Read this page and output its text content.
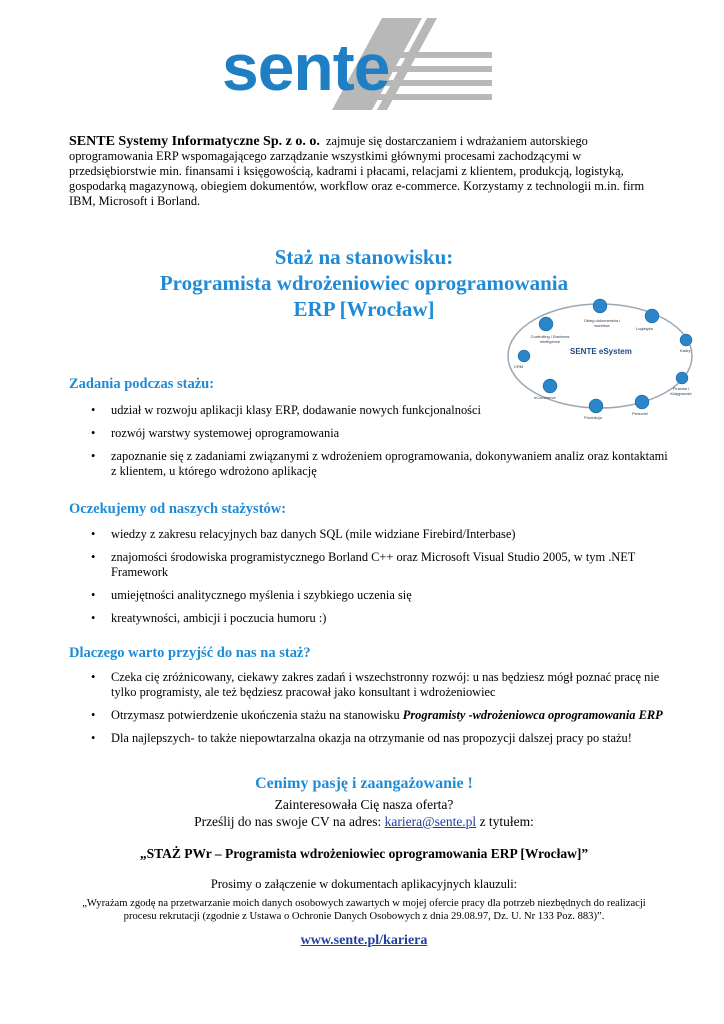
sente
SENTE Systemy Informatyczne Sp. z o. o. zajmuje się dostarczaniem i wdrażaniem autorskiego oprogramowania ERP wspomagającego zarządzanie wszystkimi głównymi procesami zachodzącymi w przedsiębiorstwie min. finansami i księgowością, kadrami i płacami, relacjami z klientem, produkcją, logistyką, gospodarką magazynową, obiegiem dokumentów, workflow oraz e-commerce. Korzystamy z technologii m.in. firm IBM, Microsoft i Borland.
Staż na stanowisku:
Programista wdrożeniowiec oprogramowania
ERP [Wrocław]
SENTE eSystem
Obieg dokumentów i workflow
Logistyka
Controlling / Business Intelligence
CRM
Kadry
Finanse i Księgowość
eCommerce
Produkcja
Personel
Zadania podczas stażu:
• udział w rozwoju aplikacji klasy ERP, dodawanie nowych funkcjonalności
• rozwój warstwy systemowej oprogramowania
• zapoznanie się z zadaniami związanymi z wdrożeniem oprogramowania, dokonywaniem analiz oraz kontaktami z klientem, u którego wdrożono aplikację
Oczekujemy od naszych stażystów:
• wiedzy z zakresu relacyjnych baz danych SQL (mile widziane Firebird/Interbase)
• znajomości środowiska programistycznego Borland C++ oraz Microsoft Visual Studio 2005, w tym .NET Framework
• umiejętności analitycznego myślenia i szybkiego uczenia się
• kreatywności, ambicji i poczucia humoru :)
Dlaczego warto przyjść do nas na staż?
• Czeka cię zróżnicowany, ciekawy zakres zadań i wszechstronny rozwój: u nas będziesz mógł poznać pracę nie tylko programisty, ale też będziesz pracował jako konsultant i wdrożeniowiec
• Otrzymasz potwierdzenie ukończenia stażu na stanowisku Programisty -wdrożeniowca oprogramowania ERP
• Dla najlepszych- to także niepowtarzalna okazja na otrzymanie od nas propozycji dalszej pracy po stażu!
Cenimy pasję i zaangażowanie !
Zainteresowała Cię nasza oferta?
Prześlij do nas swoje CV na adres: kariera@sente.pl z tytułem:
„STAŻ PWr – Programista wdrożeniowiec oprogramowania ERP [Wrocław]”
Prosimy o załączenie w dokumentach aplikacyjnych klauzuli:
„Wyrażam zgodę na przetwarzanie moich danych osobowych zawartych w mojej ofercie pracy dla potrzeb niezbędnych do realizacji procesu rekrutacji (zgodnie z Ustawa o Ochronie Danych Osobowych z dnia 29.08.97, Dz. U. Nr 133 Poz. 883)”.
www.sente.pl/kariera
